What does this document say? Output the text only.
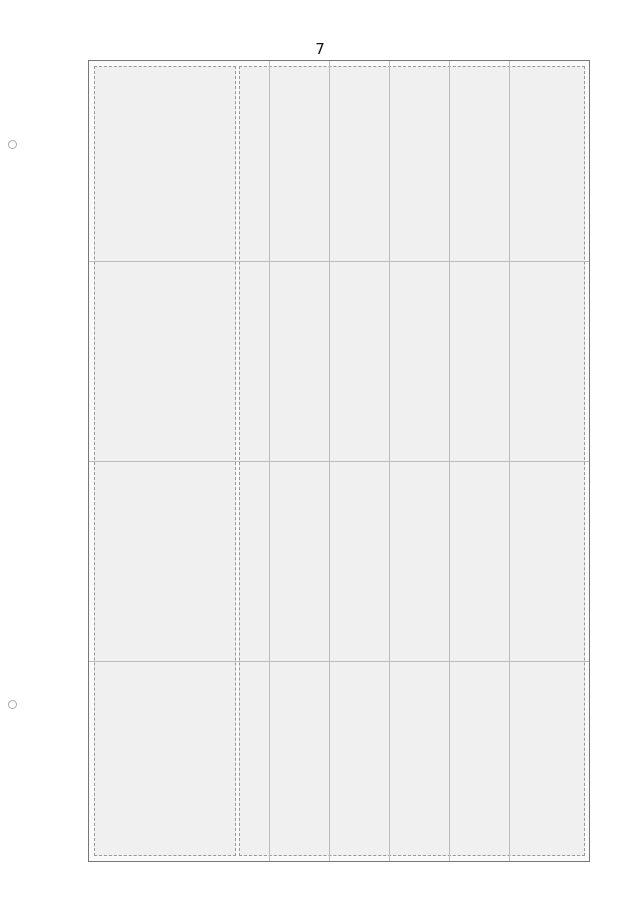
7
